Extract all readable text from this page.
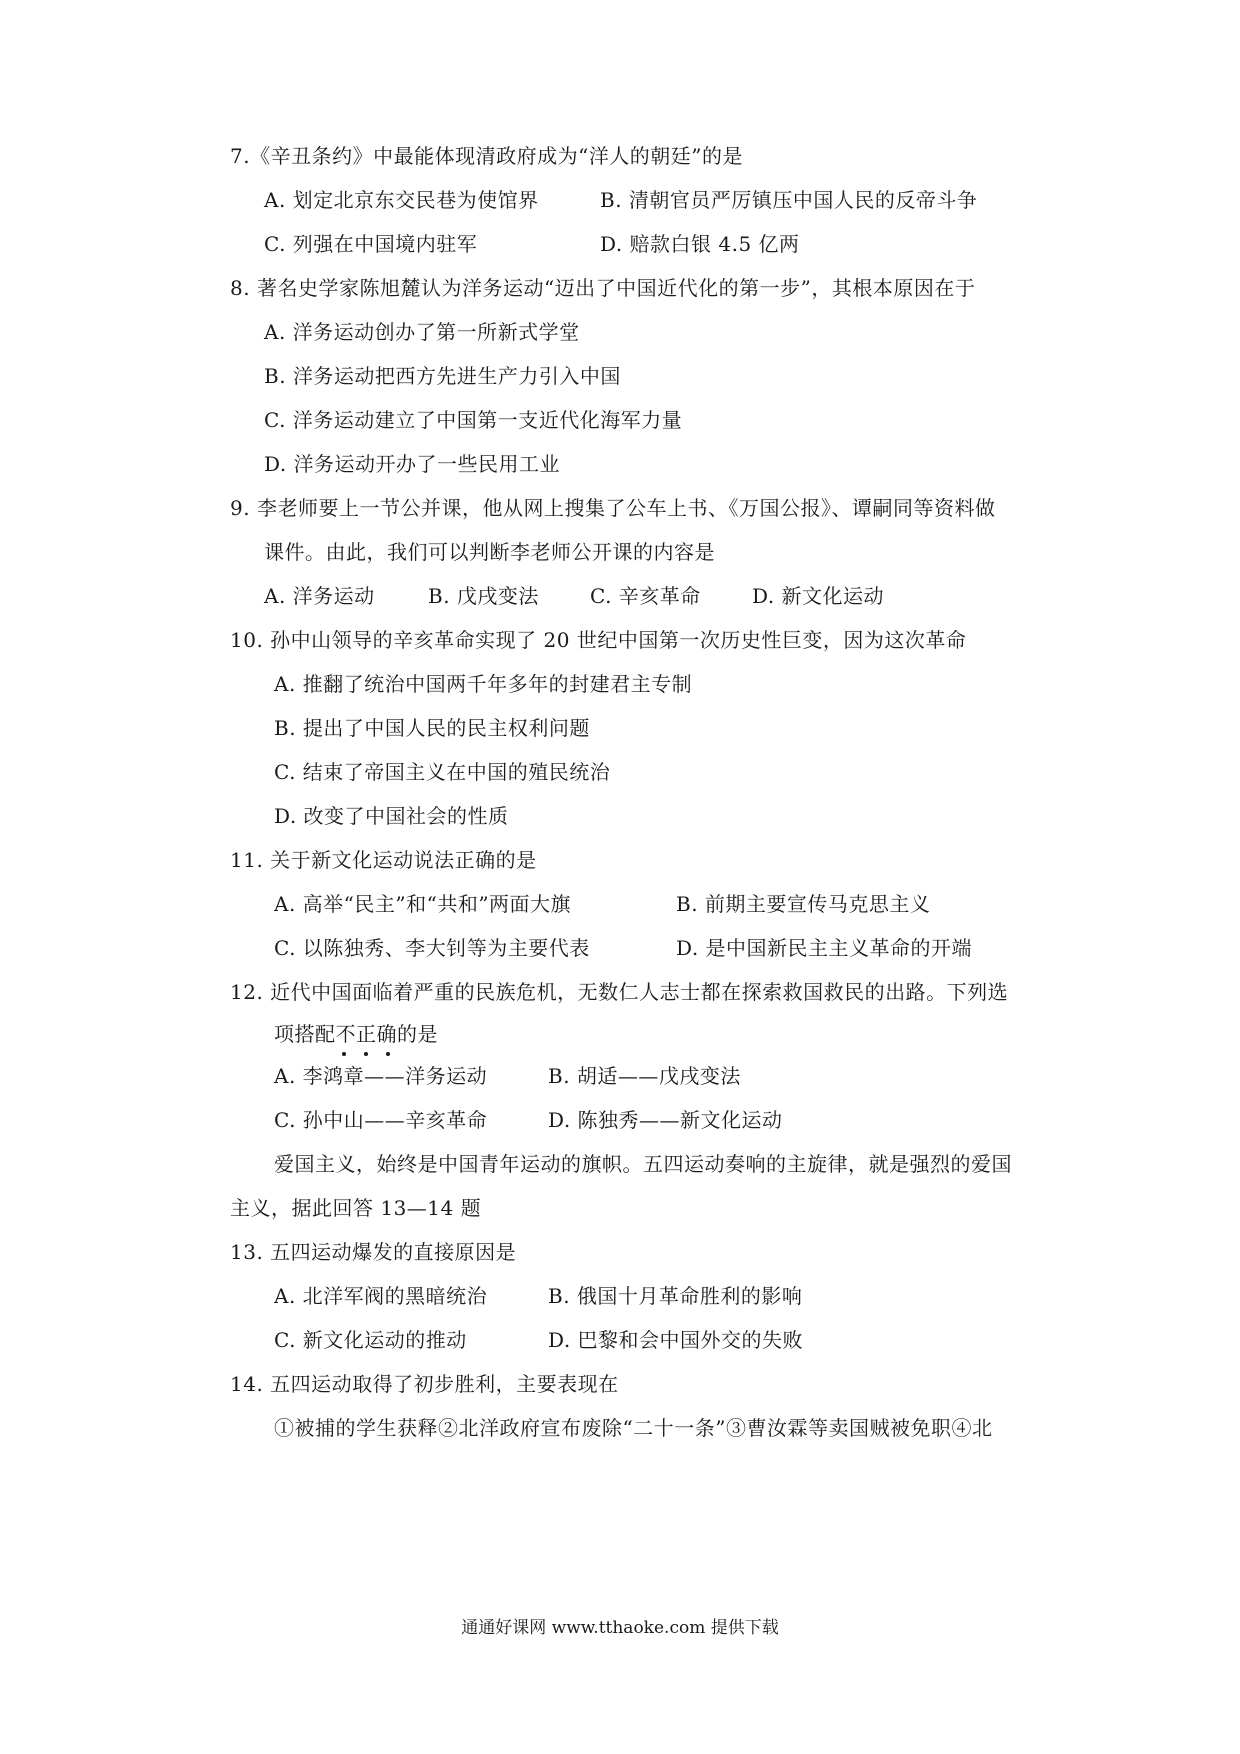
7.《辛丑条约》中最能体现清政府成为“洋人的朝廷”的是
A. 划定北京东交民巷为使馆界	B. 清朝官员严厉镇压中国人民的反帝斗争
C. 列强在中国境内驻军	D. 赔款白银 4.5 亿两
8. 著名史学家陈旭麓认为洋务运动“迈出了中国近代化的第一步”，其根本原因在于
A. 洋务运动创办了第一所新式学堂
B. 洋务运动把西方先进生产力引入中国
C. 洋务运动建立了中国第一支近代化海军力量
D. 洋务运动开办了一些民用工业
9. 李老师要上一节公并课，他从网上搜集了公车上书、《万国公报》、谭嗣同等资料做
课件。由此，我们可以判断李老师公开课的内容是
A. 洋务运动	B. 戊戌变法	C. 辛亥革命	D. 新文化运动
10. 孙中山领导的辛亥革命实现了 20 世纪中国第一次历史性巨变，因为这次革命
A. 推翻了统治中国两千年多年的封建君主专制
B. 提出了中国人民的民主权利问题
C. 结束了帝国主义在中国的殖民统治
D. 改变了中国社会的性质
11. 关于新文化运动说法正确的是
A. 高举“民主”和“共和”两面大旗	B. 前期主要宣传马克思主义
C. 以陈独秀、李大钊等为主要代表	D. 是中国新民主主义革命的开端
12. 近代中国面临着严重的民族危机，无数仁人志士都在探索救国救民的出路。下列选
项搭配不正确的是
A. 李鸿章——洋务运动	B. 胡适——戊戌变法
C. 孙中山——辛亥革命	D. 陈独秀——新文化运动
爱国主义，始终是中国青年运动的旗帜。五四运动奏响的主旋律，就是强烈的爱国
主义，据此回答 13—14 题
13. 五四运动爆发的直接原因是
A. 北洋军阀的黑暗统治	B. 俄国十月革命胜利的影响
C. 新文化运动的推动	D. 巴黎和会中国外交的失败
14. 五四运动取得了初步胜利，主要表现在
①被捕的学生获释②北洋政府宣布废除“二十一条”③曹汝霖等卖国贼被免职④北
通通好课网 www.tthaoke.com 提供下载
